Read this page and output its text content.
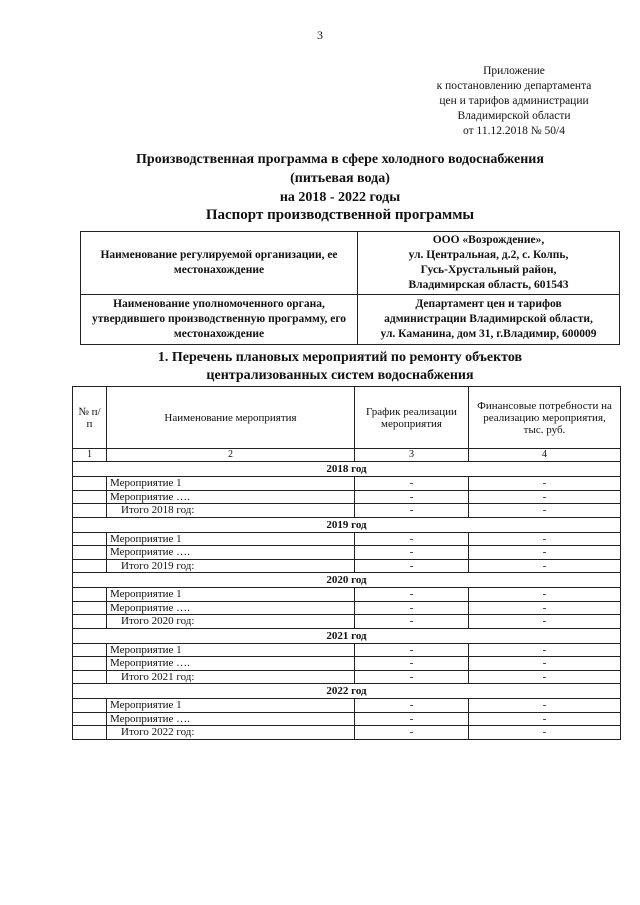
3
Приложение
к постановлению департамента
цен и тарифов администрации
Владимирской области
от 11.12.2018 № 50/4
Производственная программа в сфере холодного водоснабжения
(питьевая вода)
на 2018 - 2022 годы
Паспорт производственной программы
Наименование регулируемой организации, ее местонахождение	ООО «Возрождение»,
ул. Центральная, д.2, с. Колпь,
Гусь-Хрустальный район,
Владимирская область, 601543

Наименование уполномоченного органа, утвердившего производственную программу, его местонахождение	Департамент цен и тарифов
администрации Владимирской области,
ул. Каманина, дом 31, г.Владимир, 600009
1. Перечень плановых мероприятий по ремонту объектов
централизованных систем водоснабжения
№ п/п	Наименование мероприятия	График реализации мероприятия	Финансовые потребности на реализацию мероприятия, тыс. руб.
1	2	3	4
2018 год			
	Мероприятие 1	-	-
	Мероприятие ….	-	-
	Итого 2018 год:	-	-
2019 год			
	Мероприятие 1	-	-
	Мероприятие ….	-	-
	Итого 2019 год:	-	-
2020 год			
	Мероприятие 1	-	-
	Мероприятие ….	-	-
	Итого 2020 год:	-	-
2021 год			
	Мероприятие 1	-	-
	Мероприятие ….	-	-
	Итого 2021 год:	-	-
2022 год			
	Мероприятие 1	-	-
	Мероприятие ….	-	-
	Итого 2022 год:	-	-
